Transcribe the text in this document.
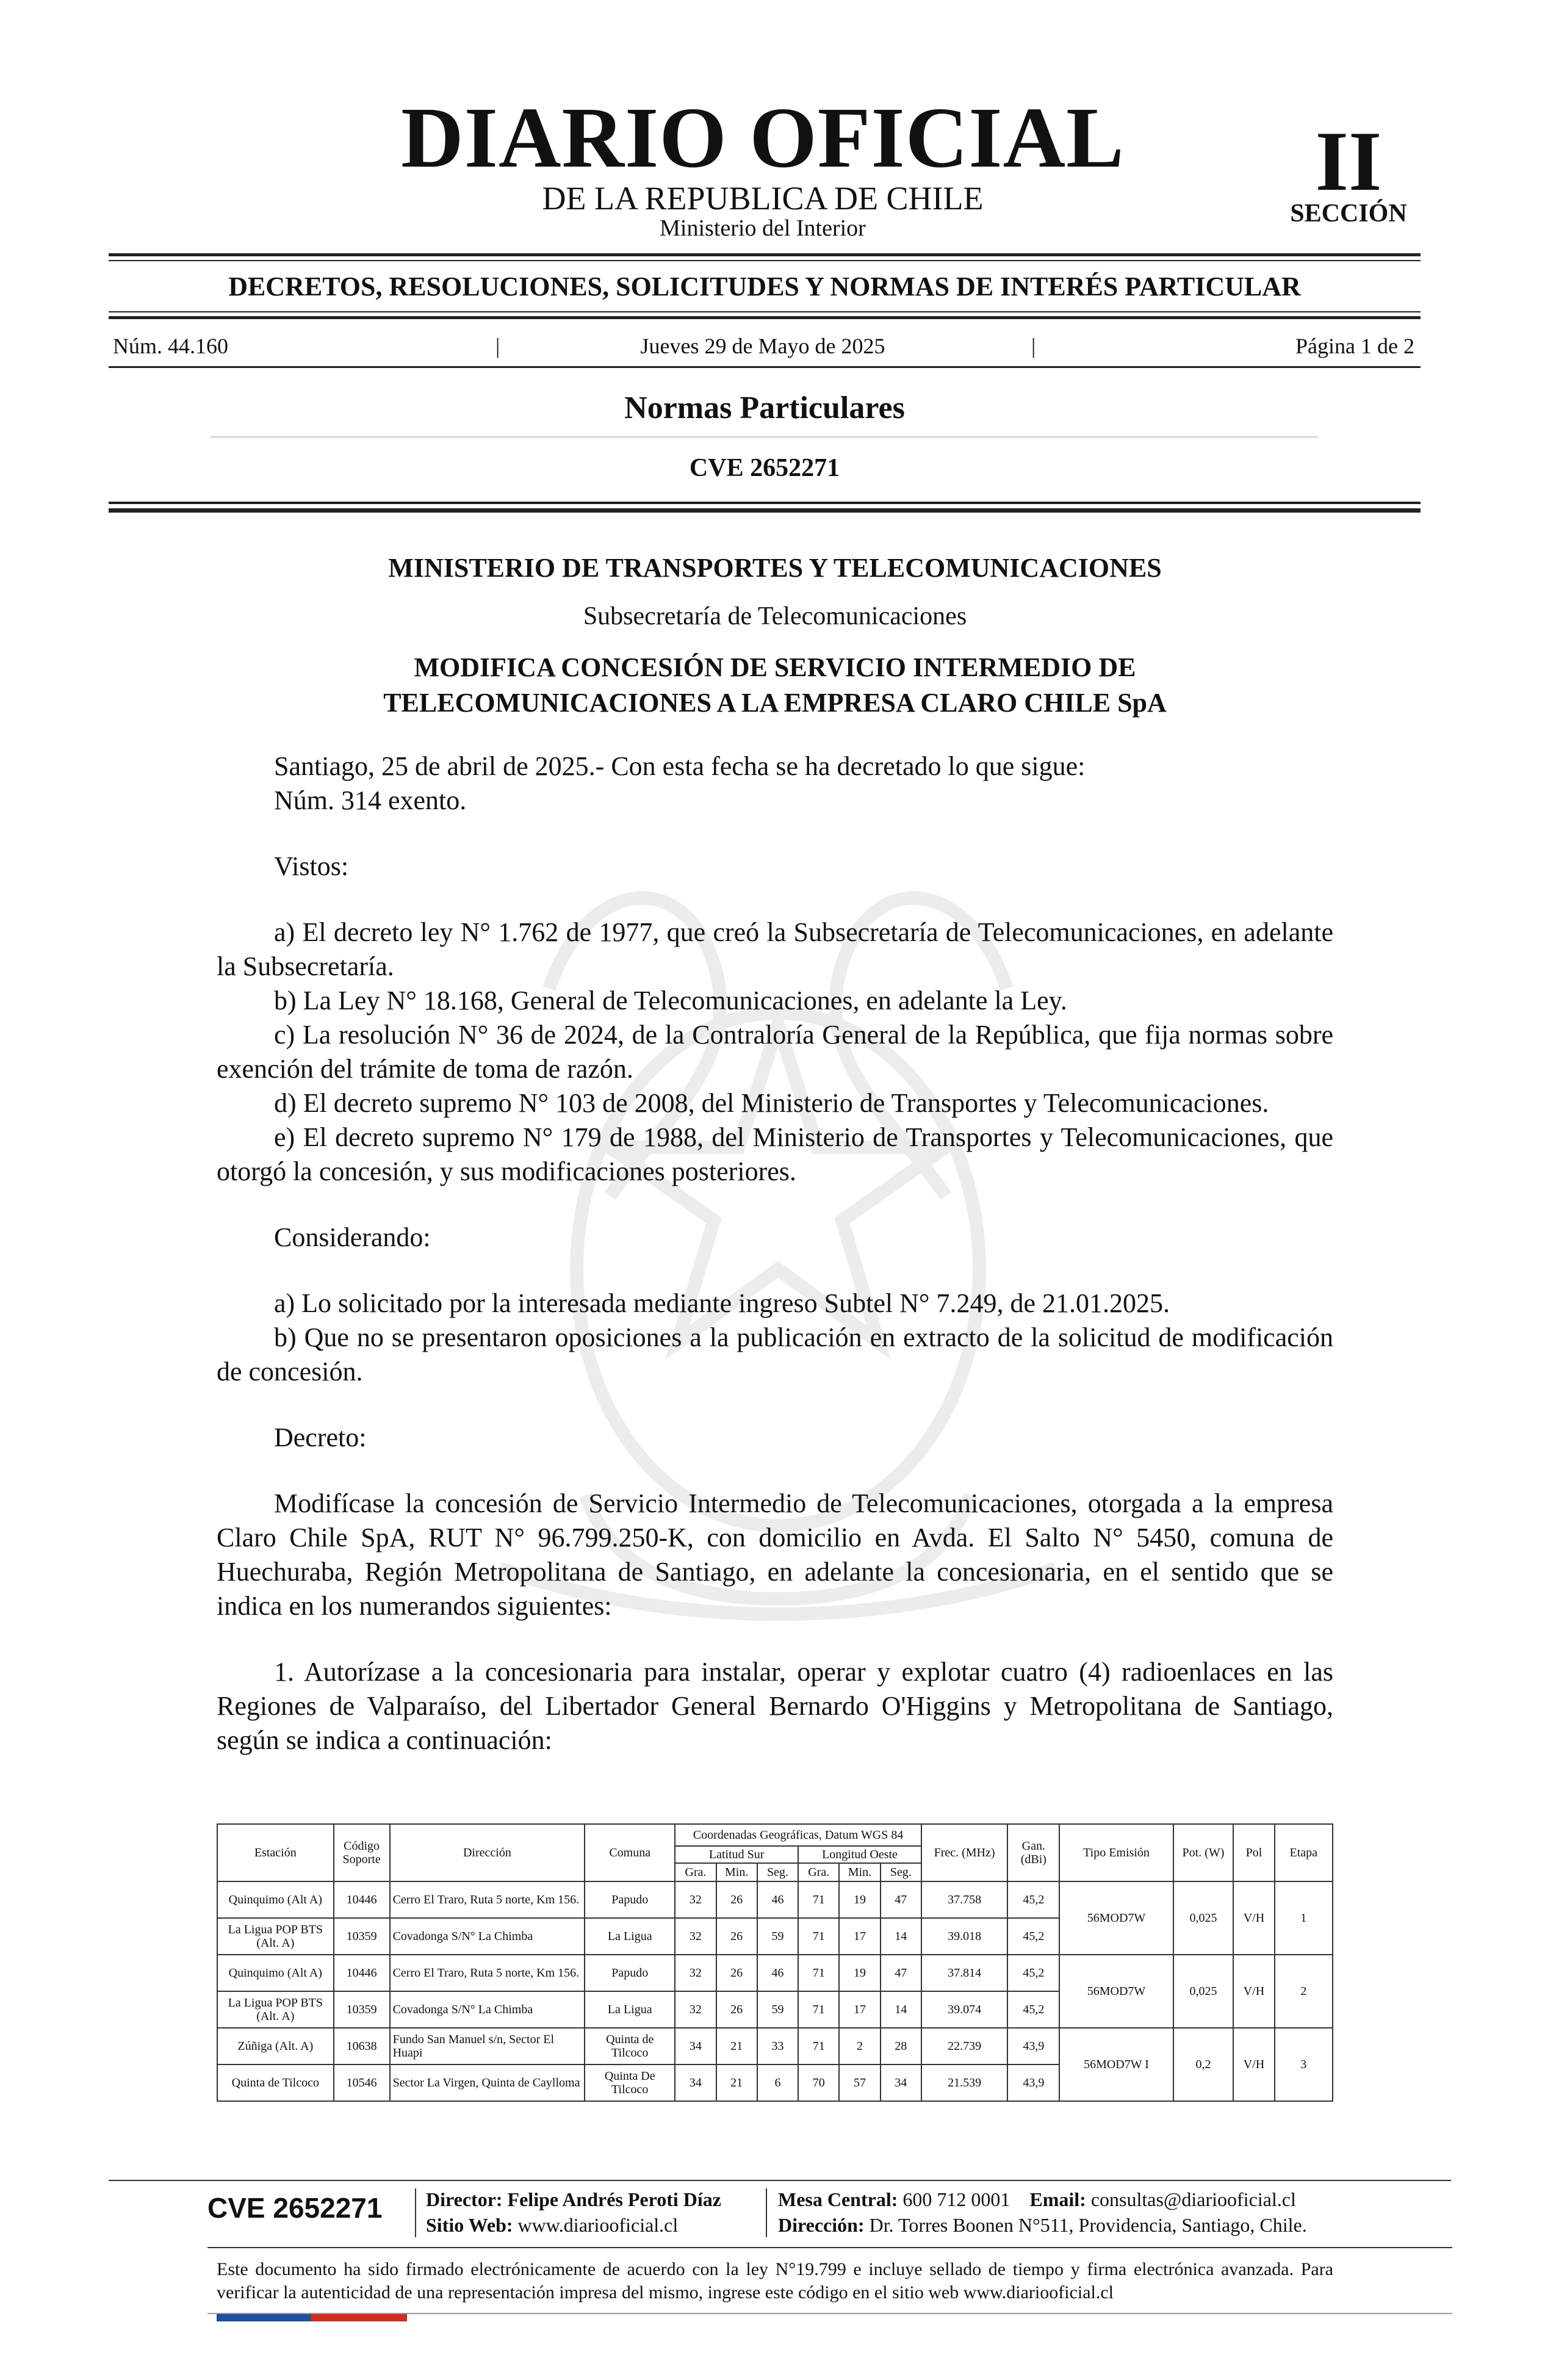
DIARIO OFICIAL
DE LA REPUBLICA DE CHILE
Ministerio del Interior
II
SECCIÓN
DECRETOS, RESOLUCIONES, SOLICITUDES Y NORMAS DE INTERÉS PARTICULAR
Núm. 44.160	|	Jueves 29 de Mayo de 2025	|	Página 1 de 2
Normas Particulares
CVE 2652271
MINISTERIO DE TRANSPORTES Y TELECOMUNICACIONES
Subsecretaría de Telecomunicaciones
MODIFICA CONCESIÓN DE SERVICIO INTERMEDIO DE
TELECOMUNICACIONES A LA EMPRESA CLARO CHILE SpA

Santiago, 25 de abril de 2025.- Con esta fecha se ha decretado lo que sigue:

Núm. 314 exento.

Vistos:

a) El decreto ley N° 1.762 de 1977, que creó la Subsecretaría de Telecomunicaciones, en adelante la Subsecretaría.

b) La Ley N° 18.168, General de Telecomunicaciones, en adelante la Ley.

c) La resolución N° 36 de 2024, de la Contraloría General de la República, que fija normas sobre exención del trámite de toma de razón.

d) El decreto supremo N° 103 de 2008, del Ministerio de Transportes y Telecomunicaciones.

e) El decreto supremo N° 179 de 1988, del Ministerio de Transportes y Telecomunicaciones, que otorgó la concesión, y sus modificaciones posteriores.

Considerando:

a) Lo solicitado por la interesada mediante ingreso Subtel N° 7.249, de 21.01.2025.

b) Que no se presentaron oposiciones a la publicación en extracto de la solicitud de modificación de concesión.

Decreto:

Modifícase la concesión de Servicio Intermedio de Telecomunicaciones, otorgada a la empresa Claro Chile SpA, RUT N° 96.799.250-K, con domicilio en Avda. El Salto N° 5450, comuna de Huechuraba, Región Metropolitana de Santiago, en adelante la concesionaria, en el sentido que se indica en los numerandos siguientes:

1. Autorízase a la concesionaria para instalar, operar y explotar cuatro (4) radioenlaces en las Regiones de Valparaíso, del Libertador General Bernardo O'Higgins y Metropolitana de Santiago, según se indica a continuación:

Estación	Código Soporte	Dirección	Comuna	Coordenadas Geográficas, Datum WGS 84						Frec. (MHz)	Gan. (dBi)	Tipo Emisión	Pot. (W)	Pol	Etapa
				Latitud Sur			Longitud Oeste								
				Gra.	Min.	Seg.	Gra.	Min.	Seg.						
Quinquimo (Alt A)	10446	Cerro El Traro, Ruta 5 norte, Km 156.	Papudo	32	26	46	71	19	47	37.758	45,2	56MOD7W	0,025	V/H	1
La Ligua POP BTS (Alt. A)	10359	Covadonga S/N° La Chimba	La Ligua	32	26	59	71	17	14	39.018	45,2				
Quinquimo (Alt A)	10446	Cerro El Traro, Ruta 5 norte, Km 156.	Papudo	32	26	46	71	19	47	37.814	45,2	56MOD7W	0,025	V/H	2
La Ligua POP BTS (Alt. A)	10359	Covadonga S/N° La Chimba	La Ligua	32	26	59	71	17	14	39.074	45,2				
Zúñiga (Alt. A)	10638	Fundo San Manuel s/n, Sector El Huapi	Quinta de Tilcoco	34	21	33	71	2	28	22.739	43,9	56MOD7W I	0,2	V/H	3
Quinta de Tilcoco	10546	Sector La Virgen, Quinta de Caylloma	Quinta De Tilcoco	34	21	6	70	57	34	21.539	43,9				
CVE 2652271	Director: Felipe Andrés Peroti Díaz
Sitio Web: www.diariooficial.cl
Mesa Central: 600 712 0001 Email: consultas@diariooficial.cl
Dirección: Dr. Torres Boonen N°511, Providencia, Santiago, Chile.
Este documento ha sido firmado electrónicamente de acuerdo con la ley N°19.799 e incluye sellado de tiempo y firma electrónica avanzada. Para verificar la autenticidad de una representación impresa del mismo, ingrese este código en el sitio web www.diariooficial.cl
